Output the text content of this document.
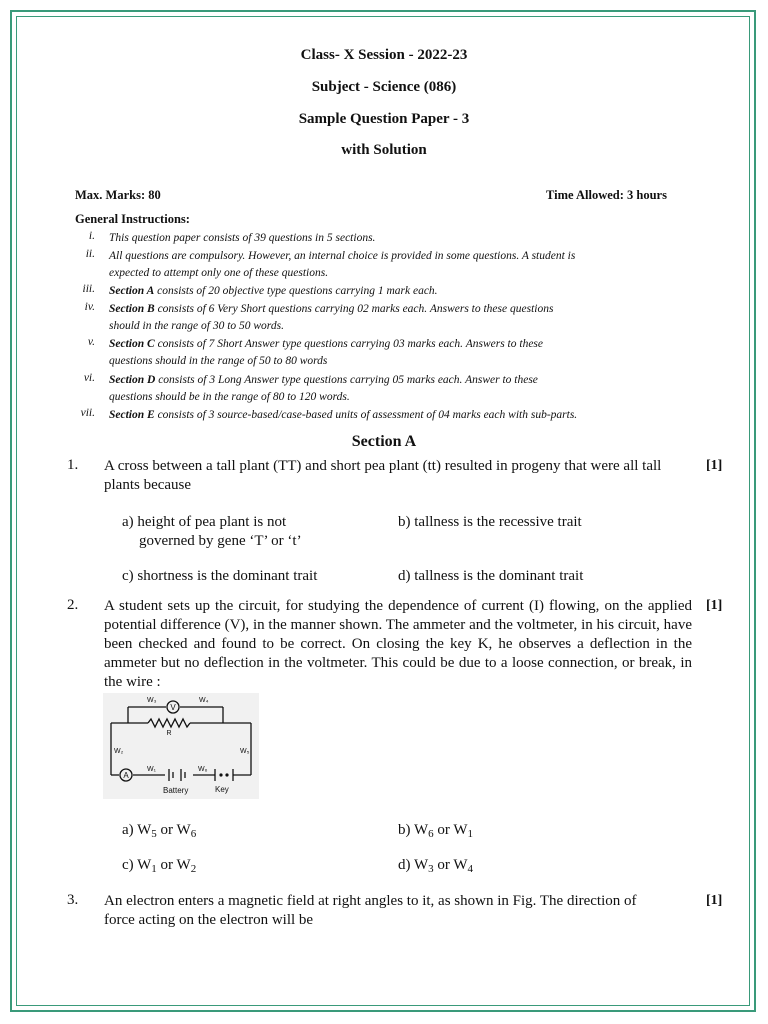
Class- X Session - 2022-23
Subject - Science (086)
Sample Question Paper - 3
with Solution
Max. Marks: 80	Time Allowed: 3 hours
General Instructions:
i. This question paper consists of 39 questions in 5 sections.
ii. All questions are compulsory. However, an internal choice is provided in some questions. A student is
expected to attempt only one of these questions.
iii. Section A consists of 20 objective type questions carrying 1 mark each.
iv. Section B consists of 6 Very Short questions carrying 02 marks each. Answers to these questions
should in the range of 30 to 50 words.
v. Section C consists of 7 Short Answer type questions carrying 03 marks each. Answers to these
questions should in the range of 50 to 80 words
vi. Section D consists of 3 Long Answer type questions carrying 05 marks each. Answer to these
questions should be in the range of 80 to 120 words.
vii. Section E consists of 3 source-based/case-based units of assessment of 04 marks each with sub-parts.
Section A
1. A cross between a tall plant (TT) and short pea plant (tt) resulted in progeny that were all tall plants because
[1]
a) height of pea plant is not
governed by gene ‘T’ or ‘t’
b) tallness is the recessive trait
c) shortness is the dominant trait	d) tallness is the dominant trait
2. A student sets up the circuit, for studying the dependence of current (I) flowing, on the applied potential difference (V), in the manner shown. The ammeter and the voltmeter, in his circuit, have been checked and found to be correct. On closing the key K, he observes a deflection in the ammeter but no deflection in the voltmeter. This could be due to a loose connection, or break, in the wire :
[1]
V
A
R
W₃	W₄
W₂	W₅
W₁	W₆
Battery	Key
a) $W_5$ or $W_6$	b) $W_6$ or $W_1$
c) $W_1$ or $W_2$	d) $W_3$ or $W_4$
3. An electron enters a magnetic field at right angles to it, as shown in Fig. The direction of force acting on the electron will be
[1]
